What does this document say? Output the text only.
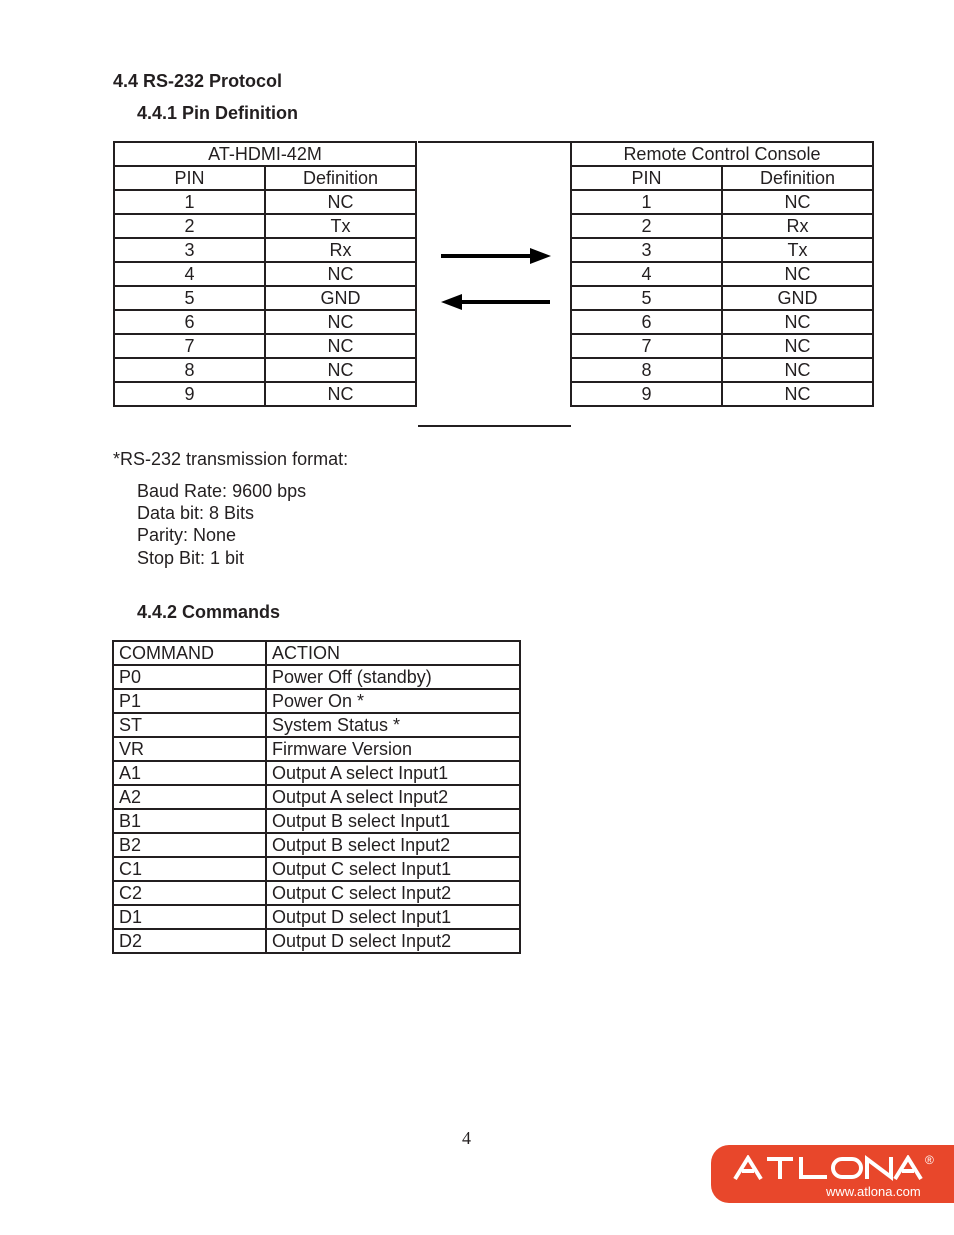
4.4 RS-232 Protocol
4.4.1 Pin Definition
AT-HDMI-42M	
PIN	Definition
1	NC
2	Tx
3	Rx
4	NC
5	GND
6	NC
7	NC
8	NC
9	NC
Remote Control Console	
PIN	Definition
1	NC
2	Rx
3	Tx
4	NC
5	GND
6	NC
7	NC
8	NC
9	NC
*RS-232 transmission format:
Baud Rate: 9600 bps
Data bit: 8 Bits
Parity: None
Stop Bit: 1 bit
4.4.2 Commands
COMMAND	ACTION
P0	Power Off (standby)
P1	Power On *
ST	System Status *
VR	Firmware Version
A1	Output A select Input1
A2	Output A select Input2
B1	Output B select Input1
B2	Output B select Input2
C1	Output C select Input1
C2	Output C select Input2
D1	Output D select Input1
D2	Output D select Input2
4
®
www.atlona.com
